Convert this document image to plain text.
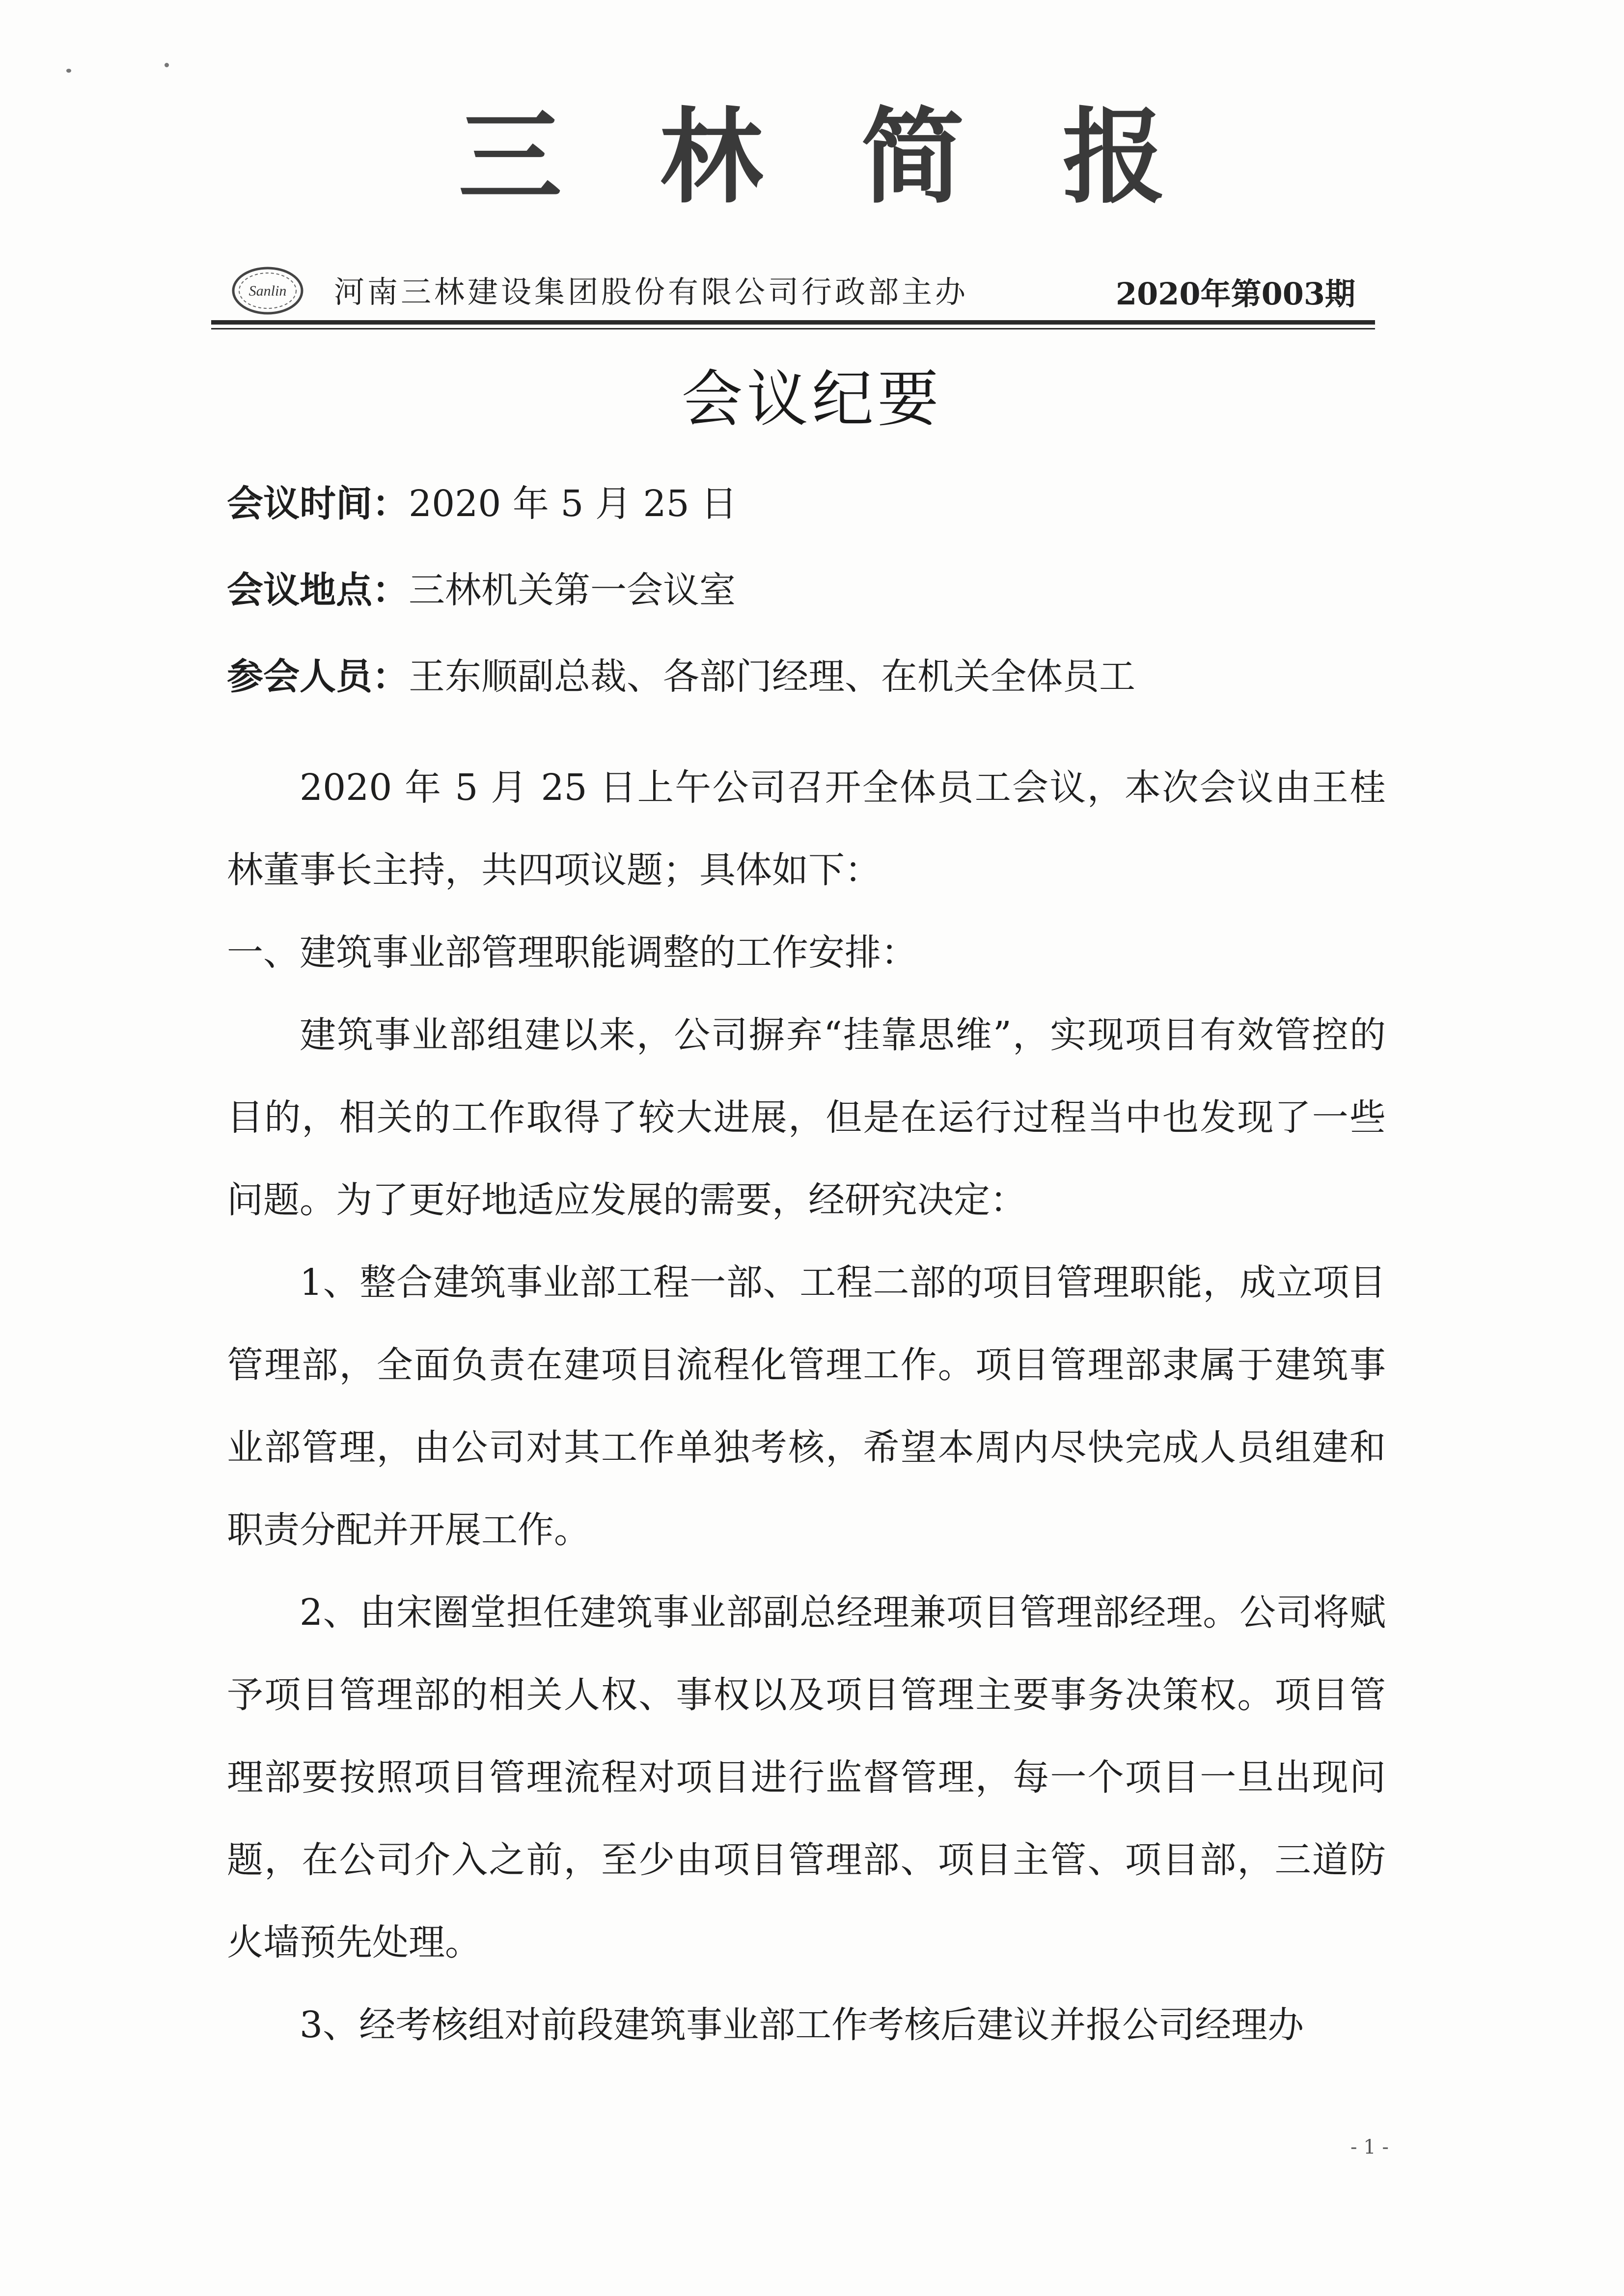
三林简报
Sanlin 河南三林建设集团股份有限公司行政部主办	2020年第003期
会议纪要
会议时间：2020 年 5 月 25 日
会议地点：三林机关第一会议室
参会人员：王东顺副总裁、各部门经理、在机关全体员工

2020 年 5 月 25 日上午公司召开全体员工会议，本次会议由王桂林董事长主持，共四项议题；具体如下：

一、建筑事业部管理职能调整的工作安排：

建筑事业部组建以来，公司摒弃“挂靠思维”，实现项目有效管控的目的，相关的工作取得了较大进展，但是在运行过程当中也发现了一些问题。为了更好地适应发展的需要，经研究决定：

1、整合建筑事业部工程一部、工程二部的项目管理职能，成立项目管理部，全面负责在建项目流程化管理工作。项目管理部隶属于建筑事业部管理，由公司对其工作单独考核，希望本周内尽快完成人员组建和职责分配并开展工作。

2、由宋圈堂担任建筑事业部副总经理兼项目管理部经理。公司将赋予项目管理部的相关人权、事权以及项目管理主要事务决策权。项目管理部要按照项目管理流程对项目进行监督管理，每一个项目一旦出现问题，在公司介入之前，至少由项目管理部、项目主管、项目部，三道防火墙预先处理。

3、经考核组对前段建筑事业部工作考核后建议并报公司经理办

- 1 -
